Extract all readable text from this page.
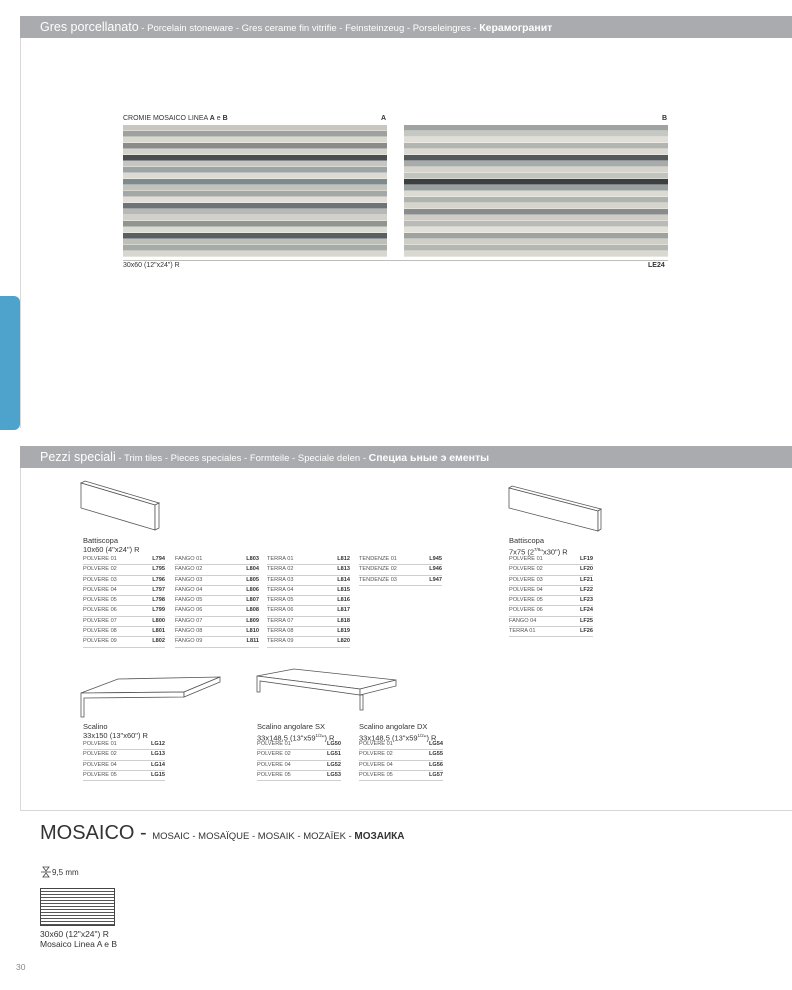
Gres porcellanato - Porcelain stoneware - Gres cerame fin vitrifie - Feinsteinzeug - Porseleingres - Керамогранит
CROMIE MOSAICO LINEA A e B	A	B
30x60 (12"x24") R	LE24
Pezzi speciali - Trim tiles - Pieces speciales - Formteile - Speciale delen - Специа ьные э ементы
Battiscopa
10x60 (4"x24") R
POLVERE 01	L794
POLVERE 02	L795
POLVERE 03	L796
POLVERE 04	L797
POLVERE 05	L798
POLVERE 06	L799
POLVERE 07	L800
POLVERE 08	L801
POLVERE 09	L802
FANGO 01	L803
FANGO 02	L804
FANGO 03	L805
FANGO 04	L806
FANGO 05	L807
FANGO 06	L808
FANGO 07	L809
FANGO 08	L810
FANGO 09	L811
TERRA 01	L812
TERRA 02	L813
TERRA 03	L814
TERRA 04	L815
TERRA 05	L816
TERRA 06	L817
TERRA 07	L818
TERRA 08	L819
TERRA 09	L820
TENDENZE 01	L945
TENDENZE 02	L946
TENDENZE 03	L947
Battiscopa
7x75 $(2^{7/8}"x30")$ R
POLVERE 01	LF19
POLVERE 02	LF20
POLVERE 03	LF21
POLVERE 04	LF22
POLVERE 05	LF23
POLVERE 06	LF24
FANGO 04	LF25
TERRA 01	LF26
Scalino
33x150 (13"x60") R
POLVERE 01	LG12
POLVERE 02	LG13
POLVERE 04	LG14
POLVERE 05	LG15
Scalino angolare SX
33x148,5 $(13"x59^{1/2}")$ R
POLVERE 01	LG50
POLVERE 02	LG51
POLVERE 04	LG52
POLVERE 05	LG53
Scalino angolare DX
33x148,5 $(13"x59^{1/2}")$ R
POLVERE 01	LG54
POLVERE 02	LG55
POLVERE 04	LG56
POLVERE 05	LG57
MOSAICO - MOSAIC - MOSAÏQUE - MOSAIK - MOZAÏEK - МОЗАИКА
9,5 mm
30x60 (12"x24") R
Mosaico Linea A e B
30
